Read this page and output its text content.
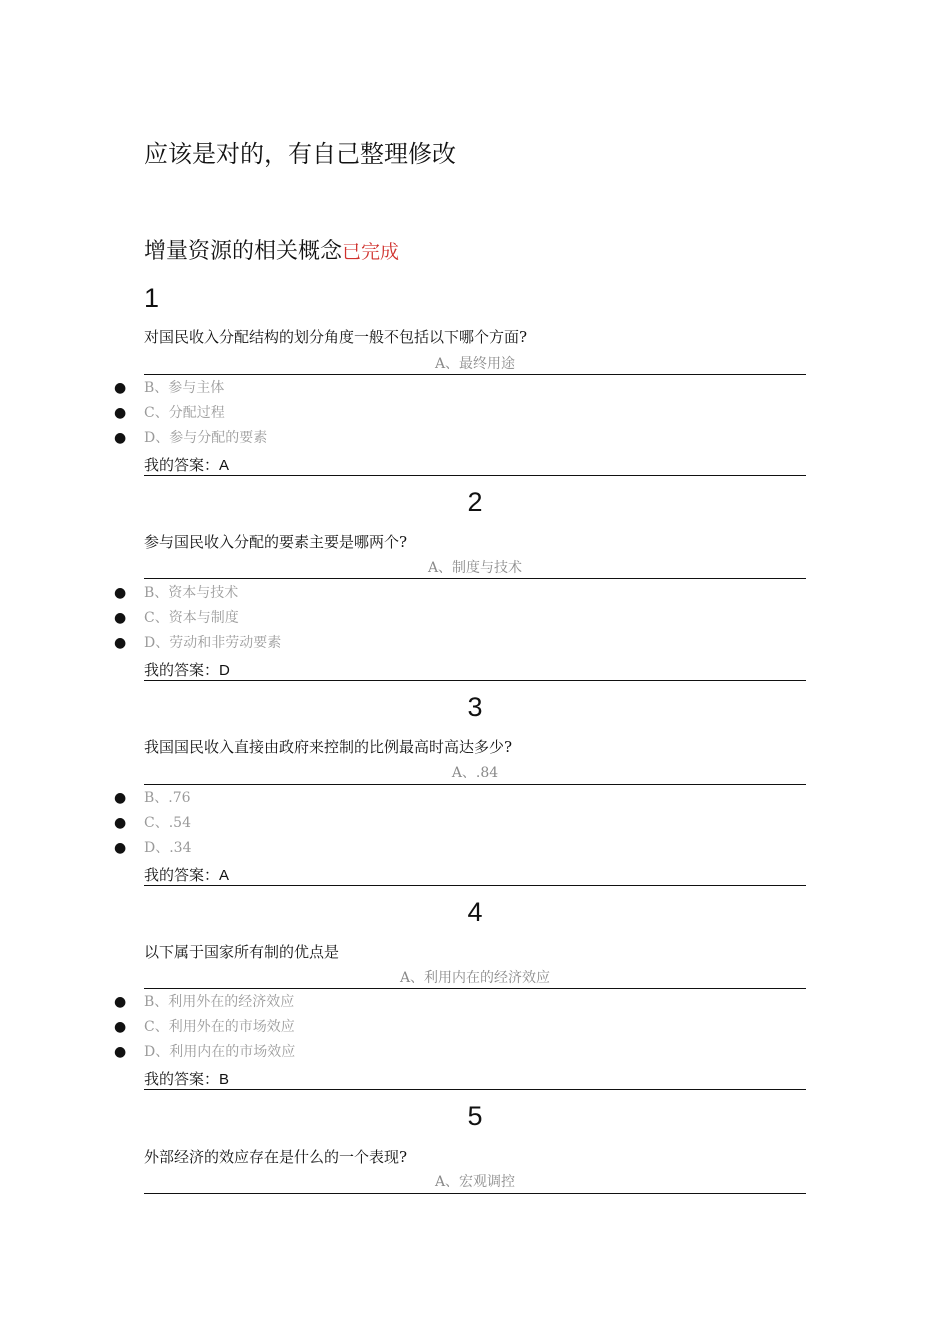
应该是对的，有自己整理修改
增量资源的相关概念已完成
1
对国民收入分配结构的划分角度一般不包括以下哪个方面?
A、最终用途
● B、参与主体
● C、分配过程
● D、参与分配的要素
我的答案：A
2
参与国民收入分配的要素主要是哪两个?
A、制度与技术
● B、资本与技术
● C、资本与制度
● D、劳动和非劳动要素
我的答案：D
3
我国国民收入直接由政府来控制的比例最高时高达多少?
A、.84
● B、.76
● C、.54
● D、.34
我的答案：A
4
以下属于国家所有制的优点是
A、利用内在的经济效应
● B、利用外在的经济效应
● C、利用外在的市场效应
● D、利用内在的市场效应
我的答案：B
5
外部经济的效应存在是什么的一个表现?
A、宏观调控
